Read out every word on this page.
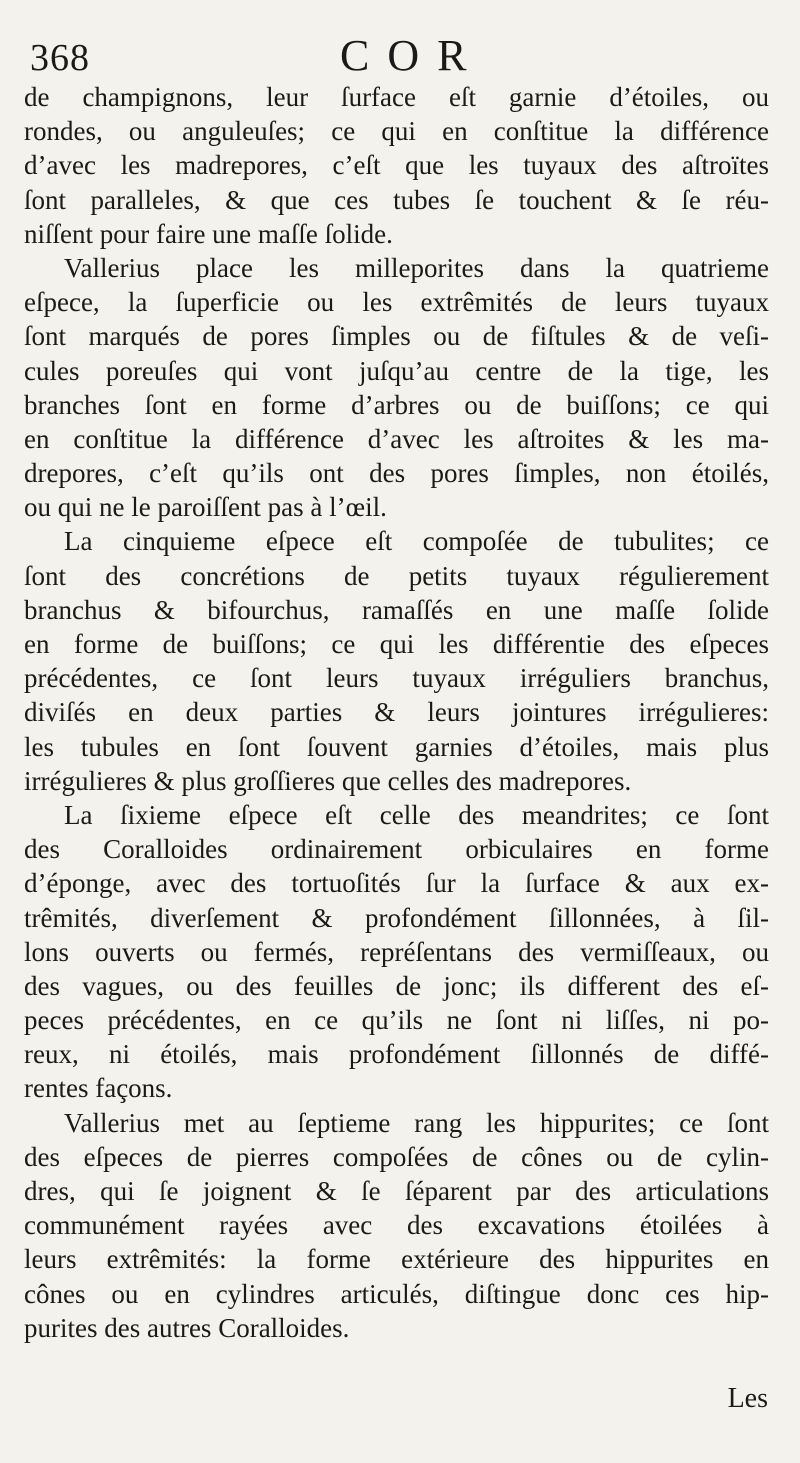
368	COR
de champignons, leur ſurface eſt garnie d’étoiles, ou
rondes, ou anguleuſes; ce qui en conſtitue la différence
d’avec les madrepores, c’eſt que les tuyaux des aſtroïtes
ſont paralleles, & que ces tubes ſe touchent & ſe réu-
niſſent pour faire une maſſe ſolide.
Vallerius place les milleporites dans la quatrieme
eſpece, la ſuperficie ou les extrêmités de leurs tuyaux
ſont marqués de pores ſimples ou de fiſtules & de veſi-
cules poreuſes qui vont juſqu’au centre de la tige, les
branches ſont en forme d’arbres ou de buiſſons; ce qui
en conſtitue la différence d’avec les aſtroites & les ma-
drepores, c’eſt qu’ils ont des pores ſimples, non étoilés,
ou qui ne le paroiſſent pas à l’œil.
La cinquieme eſpece eſt compoſée de tubulites; ce
ſont des concrétions de petits tuyaux régulierement
branchus & bifourchus, ramaſſés en une maſſe ſolide
en forme de buiſſons; ce qui les différentie des eſpeces
précédentes, ce ſont leurs tuyaux irréguliers branchus,
diviſés en deux parties & leurs jointures irrégulieres:
les tubules en ſont ſouvent garnies d’étoiles, mais plus
irrégulieres & plus groſſieres que celles des madrepores.
La ſixieme eſpece eſt celle des meandrites; ce ſont
des Coralloides ordinairement orbiculaires en forme
d’éponge, avec des tortuoſités ſur la ſurface & aux ex-
trêmités, diverſement & profondément ſillonnées, à ſil-
lons ouverts ou fermés, repréſentans des vermiſſeaux, ou
des vagues, ou des feuilles de jonc; ils different des eſ-
peces précédentes, en ce qu’ils ne ſont ni liſſes, ni po-
reux, ni étoilés, mais profondément ſillonnés de diffé-
rentes façons.
Vallerius met au ſeptieme rang les hippurites; ce ſont
des eſpeces de pierres compoſées de cônes ou de cylin-
dres, qui ſe joignent & ſe ſéparent par des articulations
communément rayées avec des excavations étoilées à
leurs extrêmités: la forme extérieure des hippurites en
cônes ou en cylindres articulés, diſtingue donc ces hip-
purites des autres Coralloides.
Les
